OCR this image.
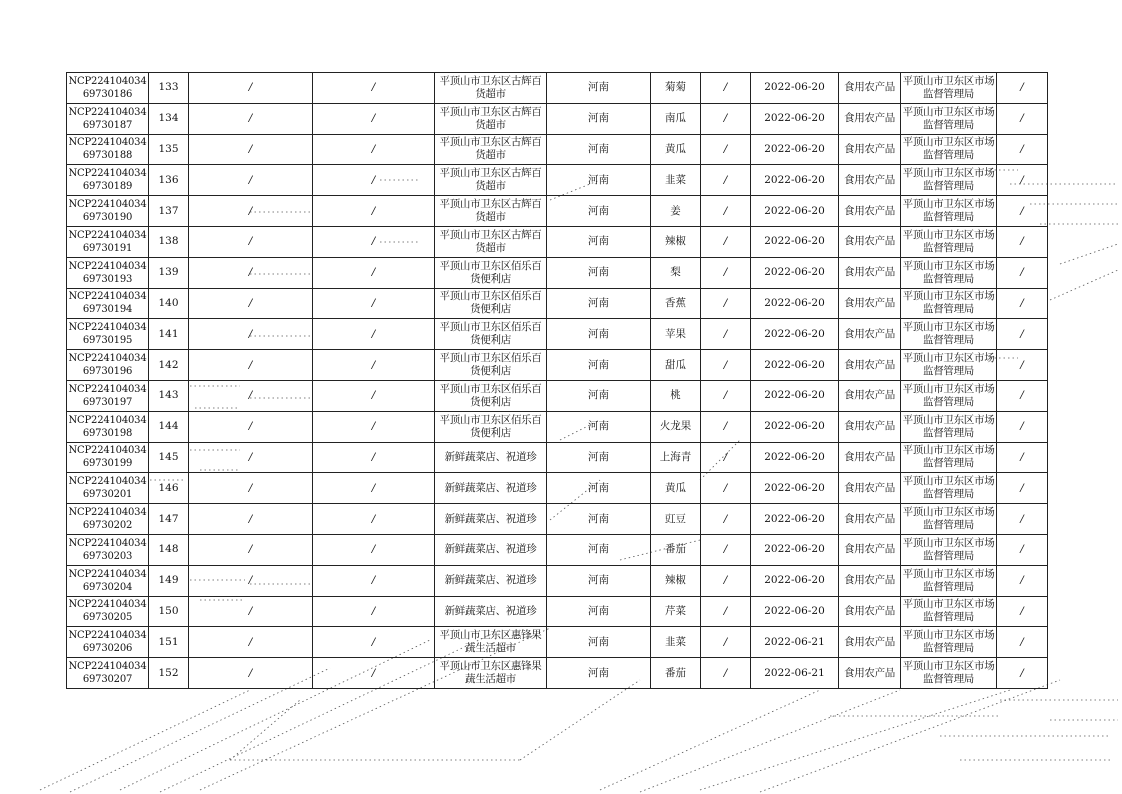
NCP22410403469730186	133	/	/	平顶山市卫东区古辉百货超市	河南	菊菊	/	2022-06-20	食用农产品	平顶山市卫东区市场监督管理局	/
NCP22410403469730187	134	/	/	平顶山市卫东区古辉百货超市	河南	南瓜	/	2022-06-20	食用农产品	平顶山市卫东区市场监督管理局	/
NCP22410403469730188	135	/	/	平顶山市卫东区古辉百货超市	河南	黄瓜	/	2022-06-20	食用农产品	平顶山市卫东区市场监督管理局	/
NCP22410403469730189	136	/	/	平顶山市卫东区古辉百货超市	河南	韭菜	/	2022-06-20	食用农产品	平顶山市卫东区市场监督管理局	/
NCP22410403469730190	137	/	/	平顶山市卫东区古辉百货超市	河南	姜	/	2022-06-20	食用农产品	平顶山市卫东区市场监督管理局	/
NCP22410403469730191	138	/	/	平顶山市卫东区古辉百货超市	河南	辣椒	/	2022-06-20	食用农产品	平顶山市卫东区市场监督管理局	/
NCP22410403469730193	139	/	/	平顶山市卫东区佰乐百货便利店	河南	梨	/	2022-06-20	食用农产品	平顶山市卫东区市场监督管理局	/
NCP22410403469730194	140	/	/	平顶山市卫东区佰乐百货便利店	河南	香蕉	/	2022-06-20	食用农产品	平顶山市卫东区市场监督管理局	/
NCP22410403469730195	141	/	/	平顶山市卫东区佰乐百货便利店	河南	苹果	/	2022-06-20	食用农产品	平顶山市卫东区市场监督管理局	/
NCP22410403469730196	142	/	/	平顶山市卫东区佰乐百货便利店	河南	甜瓜	/	2022-06-20	食用农产品	平顶山市卫东区市场监督管理局	/
NCP22410403469730197	143	/	/	平顶山市卫东区佰乐百货便利店	河南	桃	/	2022-06-20	食用农产品	平顶山市卫东区市场监督管理局	/
NCP22410403469730198	144	/	/	平顶山市卫东区佰乐百货便利店	河南	火龙果	/	2022-06-20	食用农产品	平顶山市卫东区市场监督管理局	/
NCP22410403469730199	145	/	/	新鲜蔬菜店、祝道珍	河南	上海青	/	2022-06-20	食用农产品	平顶山市卫东区市场监督管理局	/
NCP22410403469730201	146	/	/	新鲜蔬菜店、祝道珍	河南	黄瓜	/	2022-06-20	食用农产品	平顶山市卫东区市场监督管理局	/
NCP22410403469730202	147	/	/	新鲜蔬菜店、祝道珍	河南	豇豆	/	2022-06-20	食用农产品	平顶山市卫东区市场监督管理局	/
NCP22410403469730203	148	/	/	新鲜蔬菜店、祝道珍	河南	番茄	/	2022-06-20	食用农产品	平顶山市卫东区市场监督管理局	/
NCP22410403469730204	149	/	/	新鲜蔬菜店、祝道珍	河南	辣椒	/	2022-06-20	食用农产品	平顶山市卫东区市场监督管理局	/
NCP22410403469730205	150	/	/	新鲜蔬菜店、祝道珍	河南	芹菜	/	2022-06-20	食用农产品	平顶山市卫东区市场监督管理局	/
NCP22410403469730206	151	/	/	平顶山市卫东区惠锋果蔬生活超市	河南	韭菜	/	2022-06-21	食用农产品	平顶山市卫东区市场监督管理局	/
NCP22410403469730207	152	/	/	平顶山市卫东区惠锋果蔬生活超市	河南	番茄	/	2022-06-21	食用农产品	平顶山市卫东区市场监督管理局	/
